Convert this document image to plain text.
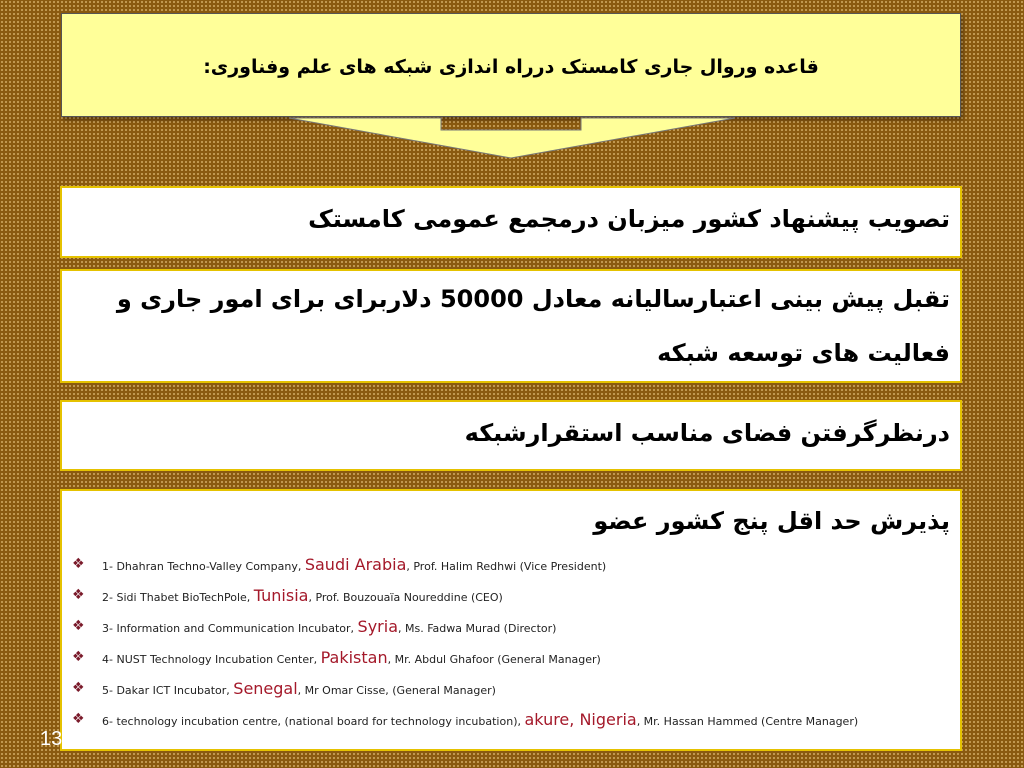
قاعده وروال جاری کامستک درراه اندازی شبکه های علم وفناوری:
تصویب پیشنهاد کشور میزبان درمجمع عمومی کامستک
تقبل پیش بینی اعتبارسالیانه معادل 50000 دلاربرای برای امور جاری و
فعالیت های توسعه شبکه
درنظرگرفتن فضای مناسب استقرارشبکه
پذیرش حد اقل پنج کشور عضو
❖ 1- Dhahran Techno-Valley Company, Saudi Arabia, Prof. Halim Redhwi (Vice President)
❖ 2- Sidi Thabet BioTechPole, Tunisia, Prof. Bouzouaïa Noureddine (CEO)
❖ 3- Information and Communication Incubator, Syria, Ms. Fadwa Murad (Director)
❖ 4- NUST Technology Incubation Center, Pakistan, Mr. Abdul Ghafoor (General Manager)
❖ 5- Dakar ICT Incubator, Senegal, Mr Omar Cisse, (General Manager)
❖ 6- technology incubation centre, (national board for technology incubation), akure, Nigeria, Mr. Hassan Hammed (Centre Manager)
13
